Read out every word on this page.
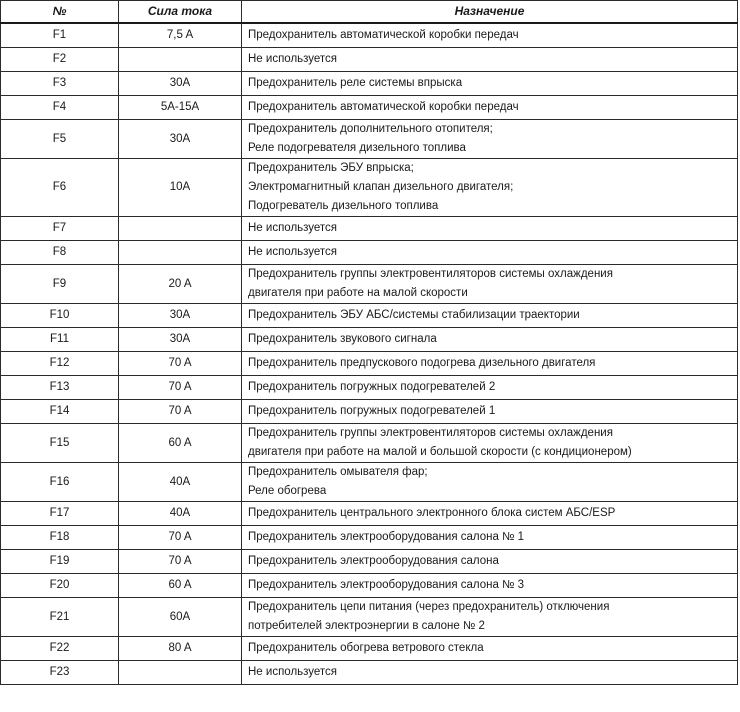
№	Сила тока	Назначение
F1	7,5 A	Предохранитель автоматической коробки передач

F2		Не используется

F3	30A	Предохранитель реле системы впрыска

F4	5A-15A	Предохранитель автоматической коробки передач

F5	30A	Предохранитель дополнительного отопителя;
Реле подогревателя дизельного топлива

F6	10A	Предохранитель ЭБУ впрыска;
Электромагнитный клапан дизельного двигателя;
Подогреватель дизельного топлива

F7		Не используется

F8		Не используется

F9	20 A	Предохранитель группы электровентиляторов системы охлаждения
двигателя при работе на малой скорости

F10	30A	Предохранитель ЭБУ АБС/системы стабилизации траектории

F11	30A	Предохранитель звукового сигнала

F12	70 A	Предохранитель предпускового подогрева дизельного двигателя

F13	70 A	Предохранитель погружных подогревателей 2

F14	70 A	Предохранитель погружных подогревателей 1

F15	60 A	Предохранитель группы электровентиляторов системы охлаждения
двигателя при работе на малой и большой скорости (с кондиционером)

F16	40A	Предохранитель омывателя фар;
Реле обогрева

F17	40A	Предохранитель центрального электронного блока систем АБС/ESP

F18	70 A	Предохранитель электрооборудования салона № 1

F19	70 A	Предохранитель электрооборудования салона

F20	60 A	Предохранитель электрооборудования салона № 3

F21	60A	Предохранитель цепи питания (через предохранитель) отключения
потребителей электроэнергии в салоне № 2

F22	80 A	Предохранитель обогрева ветрового стекла

F23		Не используется
